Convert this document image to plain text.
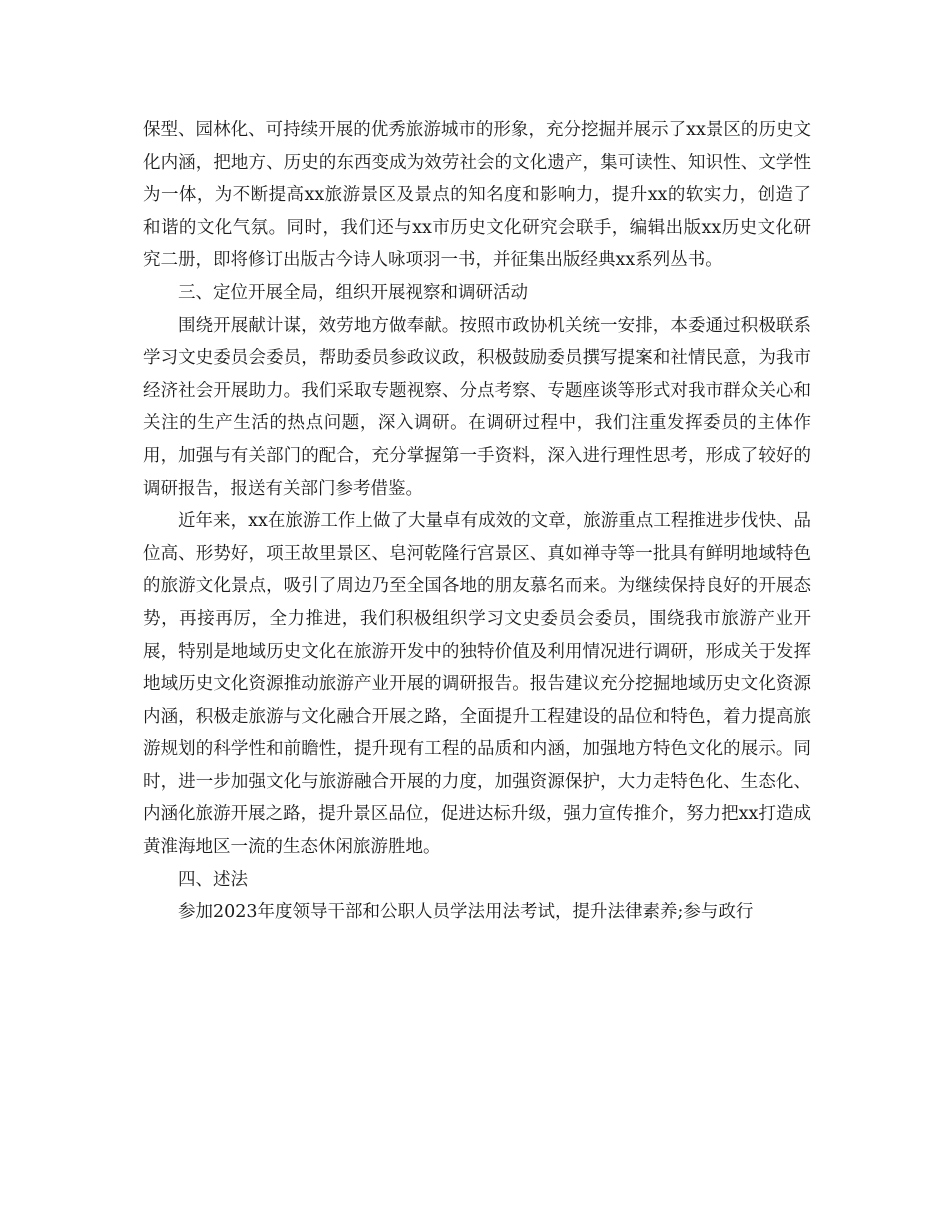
保型、园林化、可持续开展的优秀旅游城市的形象，充分挖掘并展示了xx景区的历史文化内涵，把地方、历史的东西变成为效劳社会的文化遗产，集可读性、知识性、文学性为一体，为不断提高xx旅游景区及景点的知名度和影响力，提升xx的软实力，创造了和谐的文化气氛。同时，我们还与xx市历史文化研究会联手，编辑出版xx历史文化研究二册，即将修订出版古今诗人咏项羽一书，并征集出版经典xx系列丛书。

三、定位开展全局，组织开展视察和调研活动

围绕开展献计谋，效劳地方做奉献。按照市政协机关统一安排，本委通过积极联系学习文史委员会委员，帮助委员参政议政，积极鼓励委员撰写提案和社情民意，为我市经济社会开展助力。我们采取专题视察、分点考察、专题座谈等形式对我市群众关心和关注的生产生活的热点问题，深入调研。在调研过程中，我们注重发挥委员的主体作用，加强与有关部门的配合，充分掌握第一手资料，深入进行理性思考，形成了较好的调研报告，报送有关部门参考借鉴。

近年来，xx在旅游工作上做了大量卓有成效的文章，旅游重点工程推进步伐快、品位高、形势好，项王故里景区、皂河乾隆行宫景区、真如禅寺等一批具有鲜明地域特色的旅游文化景点，吸引了周边乃至全国各地的朋友慕名而来。为继续保持良好的开展态势，再接再厉，全力推进，我们积极组织学习文史委员会委员，围绕我市旅游产业开展，特别是地域历史文化在旅游开发中的独特价值及利用情况进行调研，形成关于发挥地域历史文化资源推动旅游产业开展的调研报告。报告建议充分挖掘地域历史文化资源内涵，积极走旅游与文化融合开展之路，全面提升工程建设的品位和特色，着力提高旅游规划的科学性和前瞻性，提升现有工程的品质和内涵，加强地方特色文化的展示。同时，进一步加强文化与旅游融合开展的力度，加强资源保护，大力走特色化、生态化、内涵化旅游开展之路，提升景区品位，促进达标升级，强力宣传推介，努力把xx打造成黄淮海地区一流的生态休闲旅游胜地。

四、述法

参加2023年度领导干部和公职人员学法用法考试，提升法律素养;参与政行
